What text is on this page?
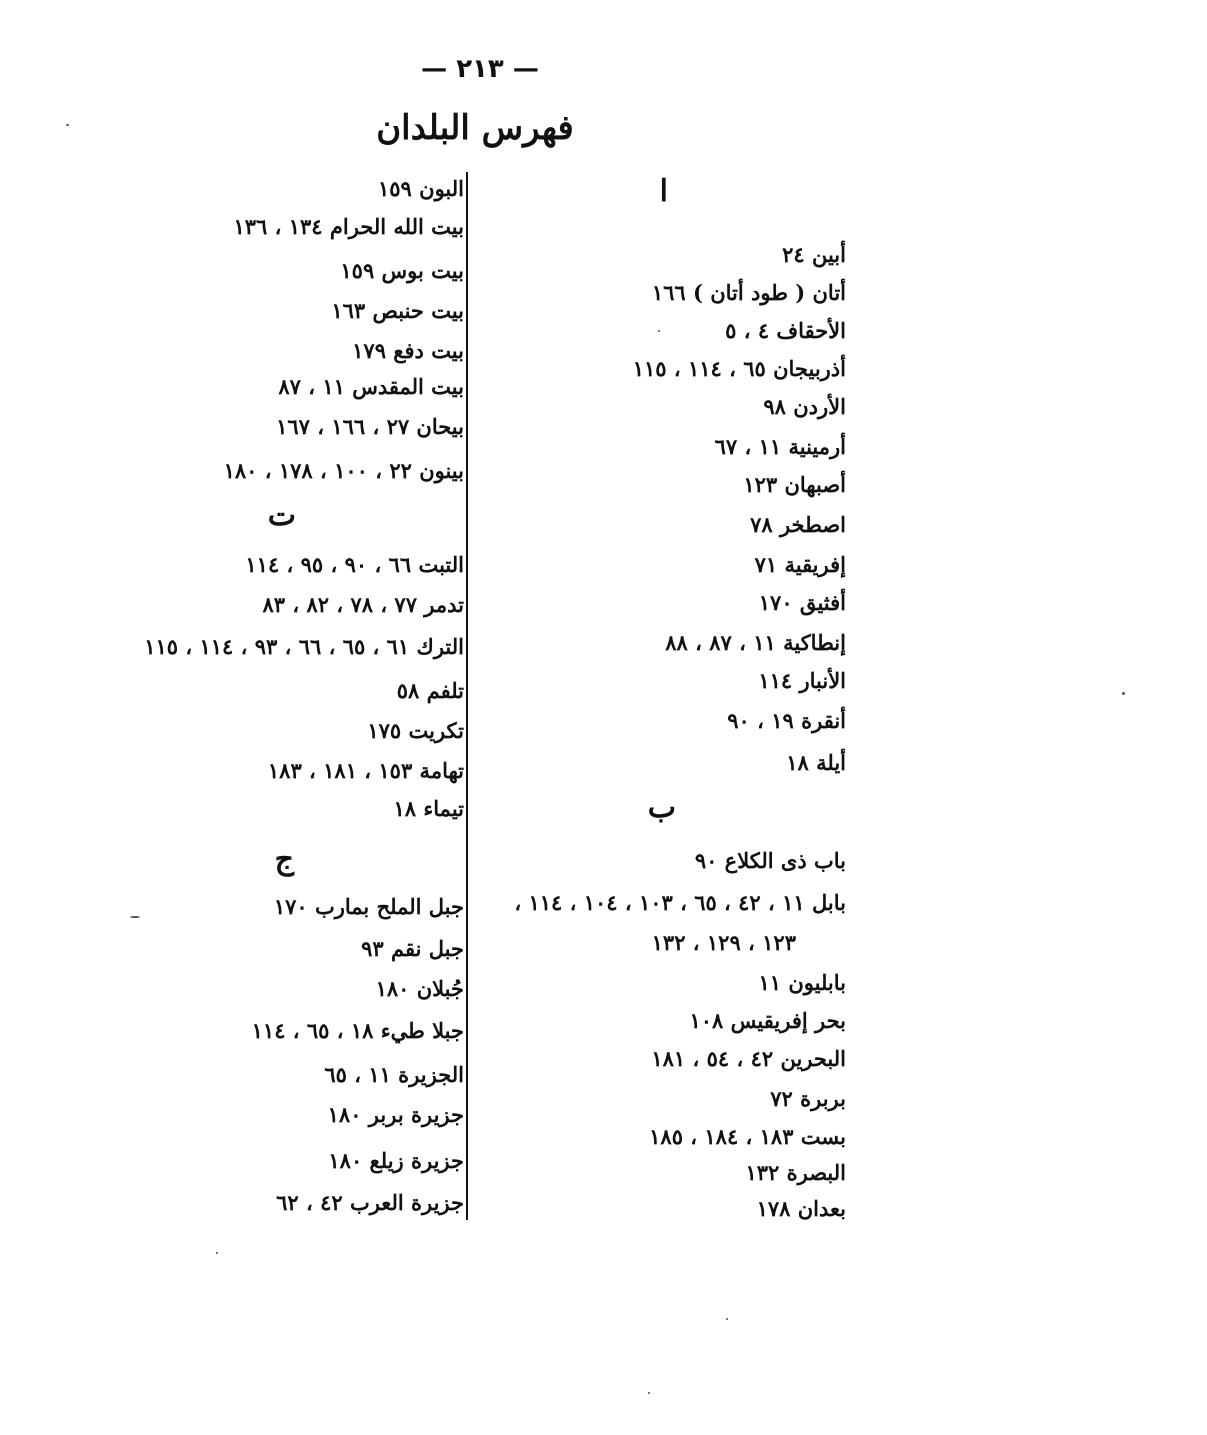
— ٢١٣ —
فهرس البلدان
ا
أبين ٢٤
أتان ( طود أتان ) ١٦٦
الأحقاف ٤ ، ٥
أذربيجان ٦٥ ، ١١٤ ، ١١٥
الأردن ٩٨
أرمينية ١١ ، ٦٧
أصبهان ١٢٣
اصطخر ٧٨
إفريقية ٧١
أفثيق ١٧٠
إنطاكية ١١ ، ٨٧ ، ٨٨
الأنبار ١١٤
أنقرة ١٩ ، ٩٠
أيلة ١٨
ب
باب ذى الكلاع ٩٠
بابل ١١ ، ٤٢ ، ٦٥ ، ١٠٣ ، ١٠٤ ، ١١٤ ،
١٢٣ ، ١٢٩ ، ١٣٢
بابليون ١١
بحر إفريقيس ١٠٨
البحرين ٤٢ ، ٥٤ ، ١٨١
بربرة ٧٢
بست ١٨٣ ، ١٨٤ ، ١٨٥
البصرة ١٣٢
بعدان ١٧٨
البون ١٥٩
بيت الله الحرام ١٣٤ ، ١٣٦
بيت بوس ١٥٩
بيت حنبص ١٦٣
بيت دفع ١٧٩
بيت المقدس ١١ ، ٨٧
بيحان ٢٧ ، ١٦٦ ، ١٦٧
بينون ٢٢ ، ١٠٠ ، ١٧٨ ، ١٨٠
ت
التبت ٦٦ ، ٩٠ ، ٩٥ ، ١١٤
تدمر ٧٧ ، ٧٨ ، ٨٢ ، ٨٣
الترك ٦١ ، ٦٥ ، ٦٦ ، ٩٣ ، ١١٤ ، ١١٥
تلفم ٥٨
تكريت ١٧٥
تهامة ١٥٣ ، ١٨١ ، ١٨٣
تيماء ١٨
ج
جبل الملح بمارب ١٧٠
جبل نقم ٩٣
جُبلان ١٨٠
جبلا طيء ١٨ ، ٦٥ ، ١١٤
الجزيرة ١١ ، ٦٥
جزيرة بربر ١٨٠
جزيرة زيلع ١٨٠
جزيرة العرب ٤٢ ، ٦٢
